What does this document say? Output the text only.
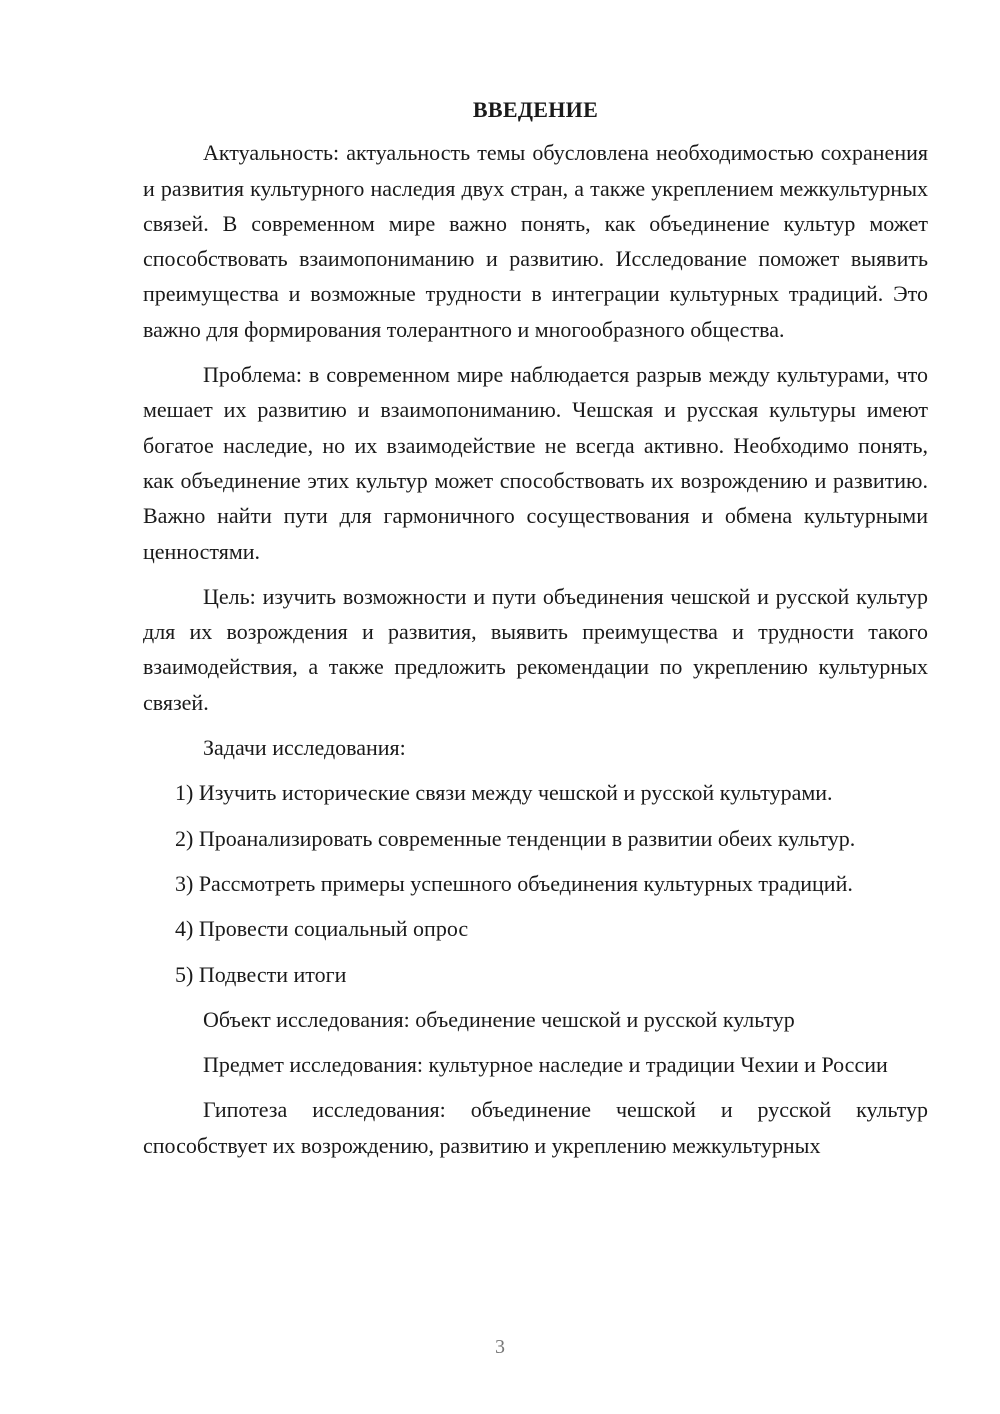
ВВЕДЕНИЕ

Актуальность: актуальность темы обусловлена необходимостью сохранения и развития культурного наследия двух стран, а также укреплением межкультурных связей. В современном мире важно понять, как объединение культур может способствовать взаимопониманию и развитию. Исследование поможет выявить преимущества и возможные трудности в интеграции культурных традиций. Это важно для формирования толерантного и многообразного общества.

Проблема: в современном мире наблюдается разрыв между культурами, что мешает их развитию и взаимопониманию. Чешская и русская культуры имеют богатое наследие, но их взаимодействие не всегда активно. Необходимо понять, как объединение этих культур может способствовать их возрождению и развитию. Важно найти пути для гармоничного сосуществования и обмена культурными ценностями.

Цель: изучить возможности и пути объединения чешской и русской культур для их возрождения и развития, выявить преимущества и трудности такого взаимодействия, а также предложить рекомендации по укреплению культурных связей.

Задачи исследования:

1) Изучить исторические связи между чешской и русской культурами.

2) Проанализировать современные тенденции в развитии обеих культур.

3) Рассмотреть примеры успешного объединения культурных традиций.

4) Провести социальный опрос

5) Подвести итоги

Объект исследования: объединение чешской и русской культур

Предмет исследования: культурное наследие и традиции Чехии и России

Гипотеза исследования: объединение чешской и русской культур способствует их возрождению, развитию и укреплению межкультурных

3
